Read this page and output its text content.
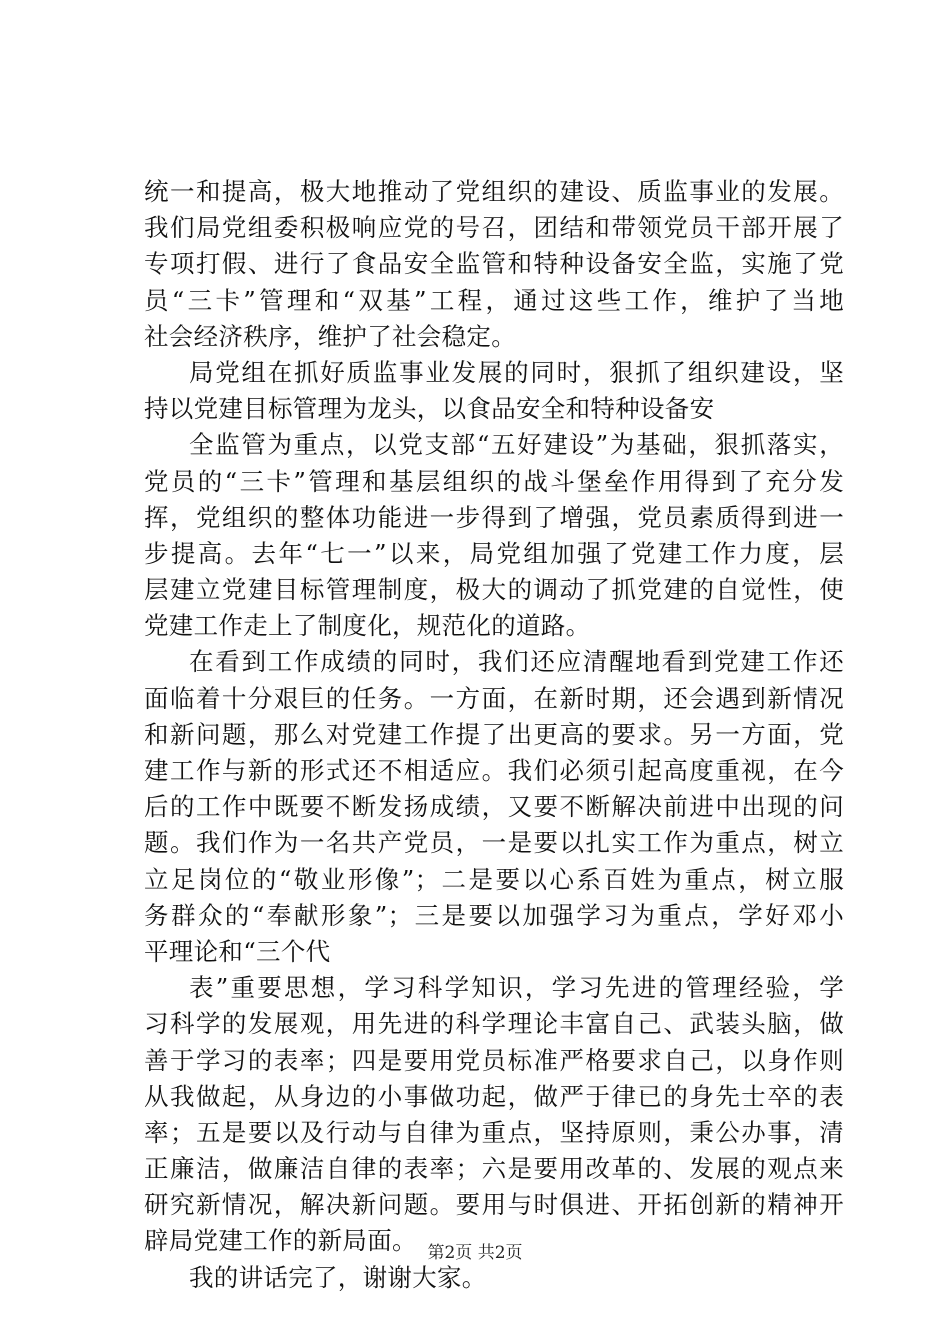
统一和提高，极大地推动了党组织的建设、质监事业的发展。
我们局党组委积极响应党的号召，团结和带领党员干部开展了
专项打假、进行了食品安全监管和特种设备安全监，实施了党
员“三卡”管理和“双基”工程，通过这些工作，维护了当地
社会经济秩序，维护了社会稳定。
局党组在抓好质监事业发展的同时，狠抓了组织建设，坚
持以党建目标管理为龙头，以食品安全和特种设备安
全监管为重点，以党支部“五好建设”为基础，狠抓落实，
党员的“三卡”管理和基层组织的战斗堡垒作用得到了充分发
挥，党组织的整体功能进一步得到了增强，党员素质得到进一
步提高。去年“七一”以来，局党组加强了党建工作力度，层
层建立党建目标管理制度，极大的调动了抓党建的自觉性，使
党建工作走上了制度化，规范化的道路。
在看到工作成绩的同时，我们还应清醒地看到党建工作还
面临着十分艰巨的任务。一方面，在新时期，还会遇到新情况
和新问题，那么对党建工作提了出更高的要求。另一方面，党
建工作与新的形式还不相适应。我们必须引起高度重视，在今
后的工作中既要不断发扬成绩，又要不断解决前进中出现的问
题。我们作为一名共产党员，一是要以扎实工作为重点，树立
立足岗位的“敬业形像”；二是要以心系百姓为重点，树立服
务群众的“奉献形象”；三是要以加强学习为重点，学好邓小
平理论和“三个代
表”重要思想，学习科学知识，学习先进的管理经验，学
习科学的发展观，用先进的科学理论丰富自己、武装头脑，做
善于学习的表率；四是要用党员标准严格要求自己，以身作则
从我做起，从身边的小事做功起，做严于律已的身先士卒的表
率；五是要以及行动与自律为重点，坚持原则，秉公办事，清
正廉洁，做廉洁自律的表率；六是要用改革的、发展的观点来
研究新情况，解决新问题。要用与时俱进、开拓创新的精神开
辟局党建工作的新局面。
我的讲话完了，谢谢大家。
第2页 共2页
